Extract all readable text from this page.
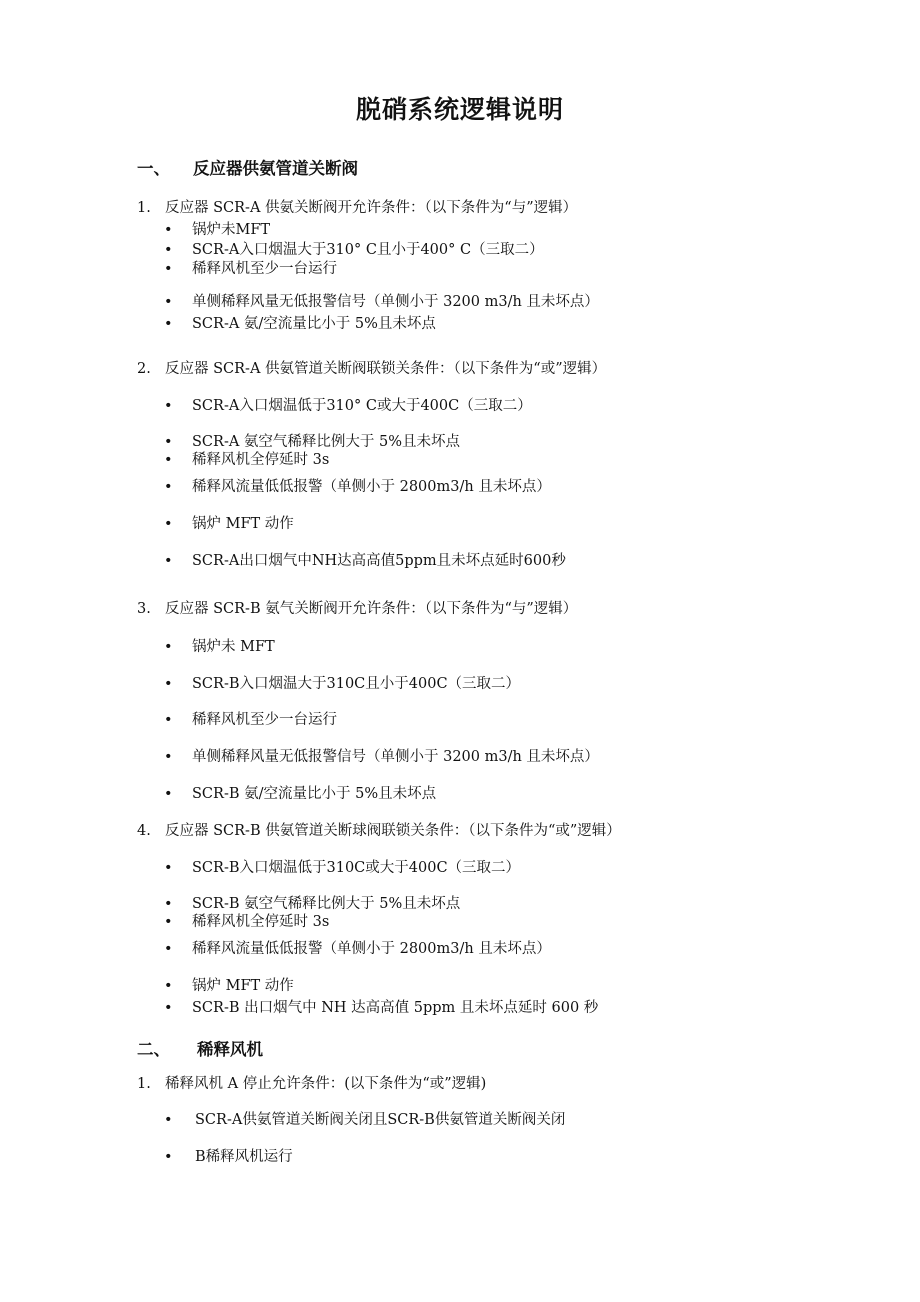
脱硝系统逻辑说明
一、 反应器供氨管道关断阀
1. 反应器 SCR-A 供氨关断阀开允许条件：（以下条件为“与”逻辑）
• 锅炉未MFT
• SCR-A入口烟温大于310° C且小于400° C（三取二）
• 稀释风机至少一台运行
• 单侧稀释风量无低报警信号（单侧小于 3200 m3/h 且未坏点）
• SCR-A 氨/空流量比小于 5%且未坏点
2. 反应器 SCR-A 供氨管道关断阀联锁关条件：（以下条件为“或”逻辑）
• SCR-A入口烟温低于310° C或大于400C（三取二）
• SCR-A 氨空气稀释比例大于 5%且未坏点
• 稀释风机全停延时 3s
• 稀释风流量低低报警（单侧小于 2800m3/h 且未坏点）
• 锅炉 MFT 动作
• SCR-A出口烟气中NH达高高值5ppm且未坏点延时600秒
3. 反应器 SCR-B 氨气关断阀开允许条件：（以下条件为“与”逻辑）
• 锅炉未 MFT
• SCR-B入口烟温大于310C且小于400C（三取二）
• 稀释风机至少一台运行
• 单侧稀释风量无低报警信号（单侧小于 3200 m3/h 且未坏点）
• SCR-B 氨/空流量比小于 5%且未坏点
4. 反应器 SCR-B 供氨管道关断球阀联锁关条件：（以下条件为“或”逻辑）
• SCR-B入口烟温低于310C或大于400C（三取二）
• SCR-B 氨空气稀释比例大于 5%且未坏点
• 稀释风机全停延时 3s
• 稀释风流量低低报警（单侧小于 2800m3/h 且未坏点）
• 锅炉 MFT 动作
• SCR-B 出口烟气中 NH 达高高值 5ppm 且未坏点延时 600 秒
二、 稀释风机
1. 稀释风机 A 停止允许条件：(以下条件为“或”逻辑)
• SCR-A供氨管道关断阀关闭且SCR-B供氨管道关断阀关闭
• B稀释风机运行
